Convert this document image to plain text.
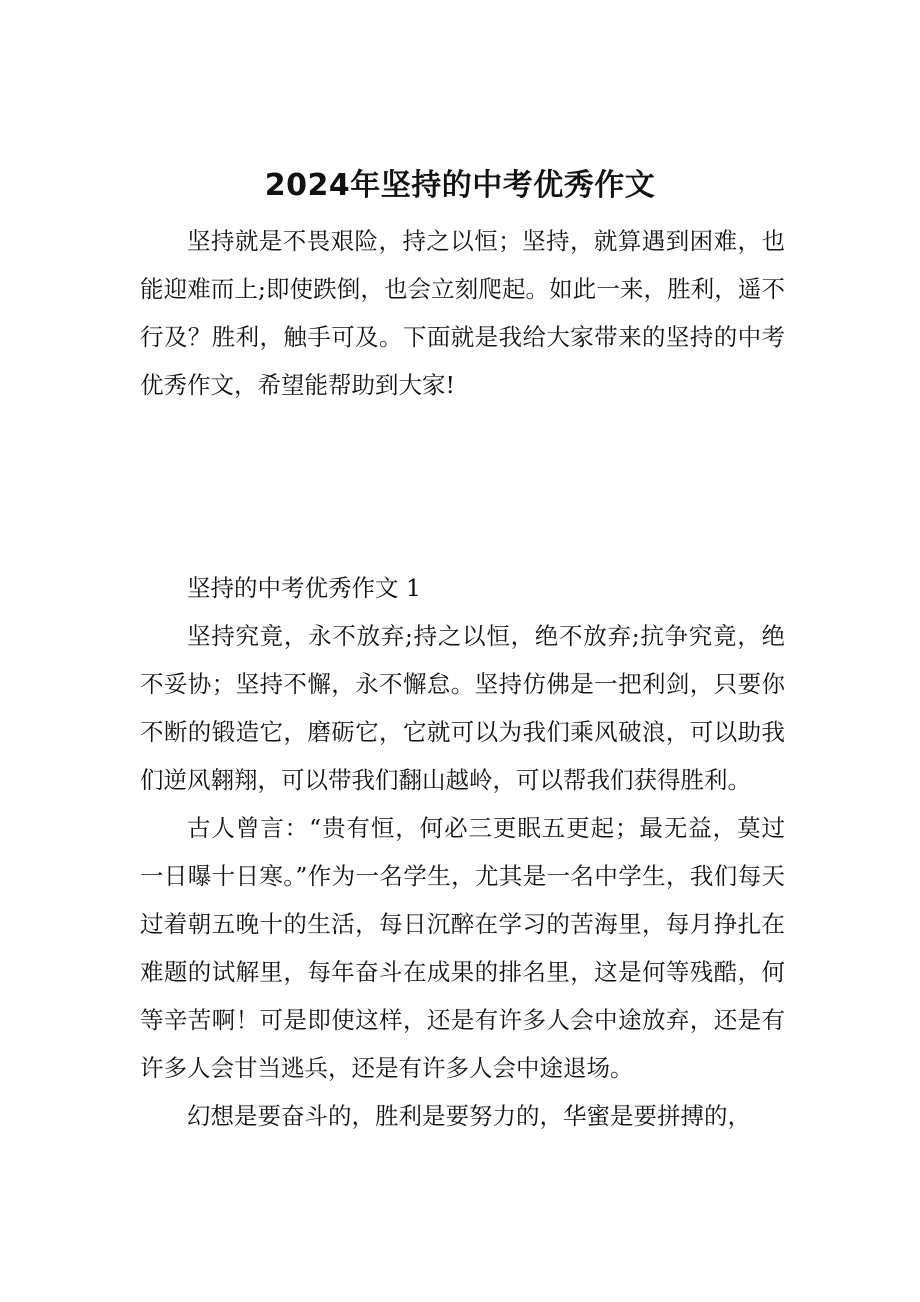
2024年坚持的中考优秀作文

坚持就是不畏艰险，持之以恒；坚持，就算遇到困难，也能迎难而上;即使跌倒，也会立刻爬起。如此一来，胜利，遥不行及？胜利，触手可及。下面就是我给大家带来的坚持的中考优秀作文，希望能帮助到大家!

坚持的中考优秀作文 1

坚持究竟，永不放弃;持之以恒，绝不放弃;抗争究竟，绝不妥协；坚持不懈，永不懈怠。坚持仿佛是一把利剑，只要你不断的锻造它，磨砺它，它就可以为我们乘风破浪，可以助我们逆风翱翔，可以带我们翻山越岭，可以帮我们获得胜利。

古人曾言：“贵有恒，何必三更眠五更起；最无益，莫过一日曝十日寒。”作为一名学生，尤其是一名中学生，我们每天过着朝五晚十的生活，每日沉醉在学习的苦海里，每月挣扎在难题的试解里，每年奋斗在成果的排名里，这是何等残酷，何等辛苦啊！可是即使这样，还是有许多人会中途放弃，还是有许多人会甘当逃兵，还是有许多人会中途退场。

幻想是要奋斗的，胜利是要努力的，华蜜是要拼搏的，
